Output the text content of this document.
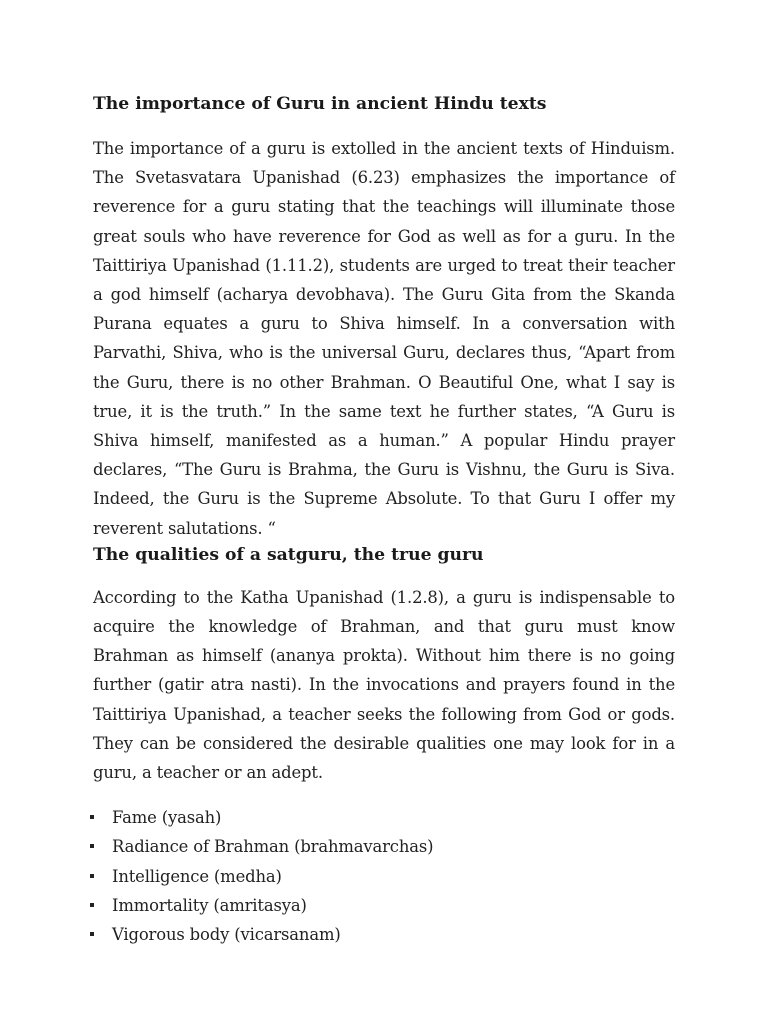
The importance of Guru in ancient Hindu texts

The importance of a guru is extolled in the ancient texts of Hinduism. The Svetasvatara Upanishad (6.23) emphasizes the importance of reverence for a guru stating that the teachings will illuminate those great souls who have reverence for God as well as for a guru. In the Taittiriya Upanishad (1.11.2), students are urged to treat their teacher a god himself (acharya devobhava). The Guru Gita from the Skanda Purana equates a guru to Shiva himself. In a conversation with Parvathi, Shiva, who is the universal Guru, declares thus, “Apart from the Guru, there is no other Brahman. O Beautiful One, what I say is true, it is the truth.” In the same text he further states, “A Guru is Shiva himself, manifested as a human.” A popular Hindu prayer declares, “The Guru is Brahma, the Guru is Vishnu, the Guru is Siva. Indeed, the Guru is the Supreme Absolute. To that Guru I offer my reverent salutations. “

The qualities of a satguru, the true guru

According to the Katha Upanishad (1.2.8), a guru is indispensable to acquire the knowledge of Brahman, and that guru must know Brahman as himself (ananya prokta). Without him there is no going further (gatir atra nasti). In the invocations and prayers found in the Taittiriya Upanishad, a teacher seeks the following from God or gods. They can be considered the desirable qualities one may look for in a guru, a teacher or an adept.

Fame (yasah)
Radiance of Brahman (brahmavarchas)
Intelligence (medha)
Immortality (amritasya)
Vigorous body (vicarsanam)
